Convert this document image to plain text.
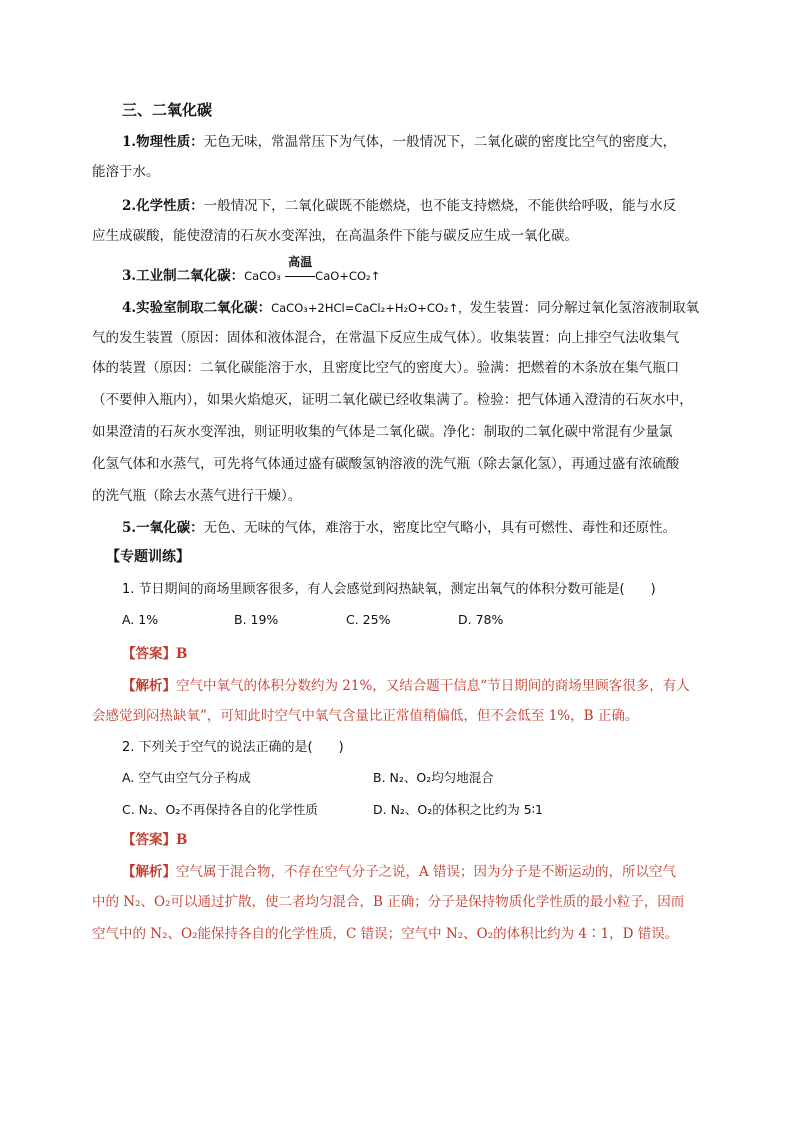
三、二氧化碳
1.物理性质：无色无味，常温常压下为气体，一般情况下，二氧化碳的密度比空气的密度大，
能溶于水。
2.化学性质：一般情况下，二氧化碳既不能燃烧，也不能支持燃烧，不能供给呼吸，能与水反
应生成碳酸，能使澄清的石灰水变浑浊，在高温条件下能与碳反应生成一氧化碳。
3.工业制二氧化碳：CaCO₃
高温
CaO+CO₂↑
4.实验室制取二氧化碳：CaCO₃+2HCl=CaCl₂+H₂O+CO₂↑，发生装置：同分解过氧化氢溶液制取氧
气的发生装置（原因：固体和液体混合，在常温下反应生成气体）。收集装置：向上排空气法收集气
体的装置（原因：二氧化碳能溶于水，且密度比空气的密度大）。验满：把燃着的木条放在集气瓶口
（不要伸入瓶内），如果火焰熄灭，证明二氧化碳已经收集满了。检验：把气体通入澄清的石灰水中，
如果澄清的石灰水变浑浊，则证明收集的气体是二氧化碳。净化：制取的二氧化碳中常混有少量氯
化氢气体和水蒸气，可先将气体通过盛有碳酸氢钠溶液的洗气瓶（除去氯化氢），再通过盛有浓硫酸
的洗气瓶（除去水蒸气进行干燥）。
5.一氧化碳：无色、无味的气体，难溶于水，密度比空气略小，具有可燃性、毒性和还原性。
【专题训练】
1. 节日期间的商场里顾客很多，有人会感觉到闷热缺氧，测定出氧气的体积分数可能是(　　)
A. 1%	B. 19%	C. 25%	D. 78%
【答案】B
【解析】空气中氧气的体积分数约为 21%，又结合题干信息“节日期间的商场里顾客很多，有人
会感觉到闷热缺氧”，可知此时空气中氧气含量比正常值稍偏低，但不会低至 1%，B 正确。
2. 下列关于空气的说法正确的是(　　)
A. 空气由空气分子构成	B. N₂、O₂均匀地混合
C. N₂、O₂不再保持各自的化学性质	D. N₂、O₂的体积之比约为 5∶1
【答案】B
【解析】空气属于混合物，不存在空气分子之说，A 错误；因为分子是不断运动的，所以空气
中的 N₂、O₂可以通过扩散，使二者均匀混合，B 正确；分子是保持物质化学性质的最小粒子，因而
空气中的 N₂、O₂能保持各自的化学性质，C 错误；空气中 N₂、O₂的体积比约为 4∶1，D 错误。
